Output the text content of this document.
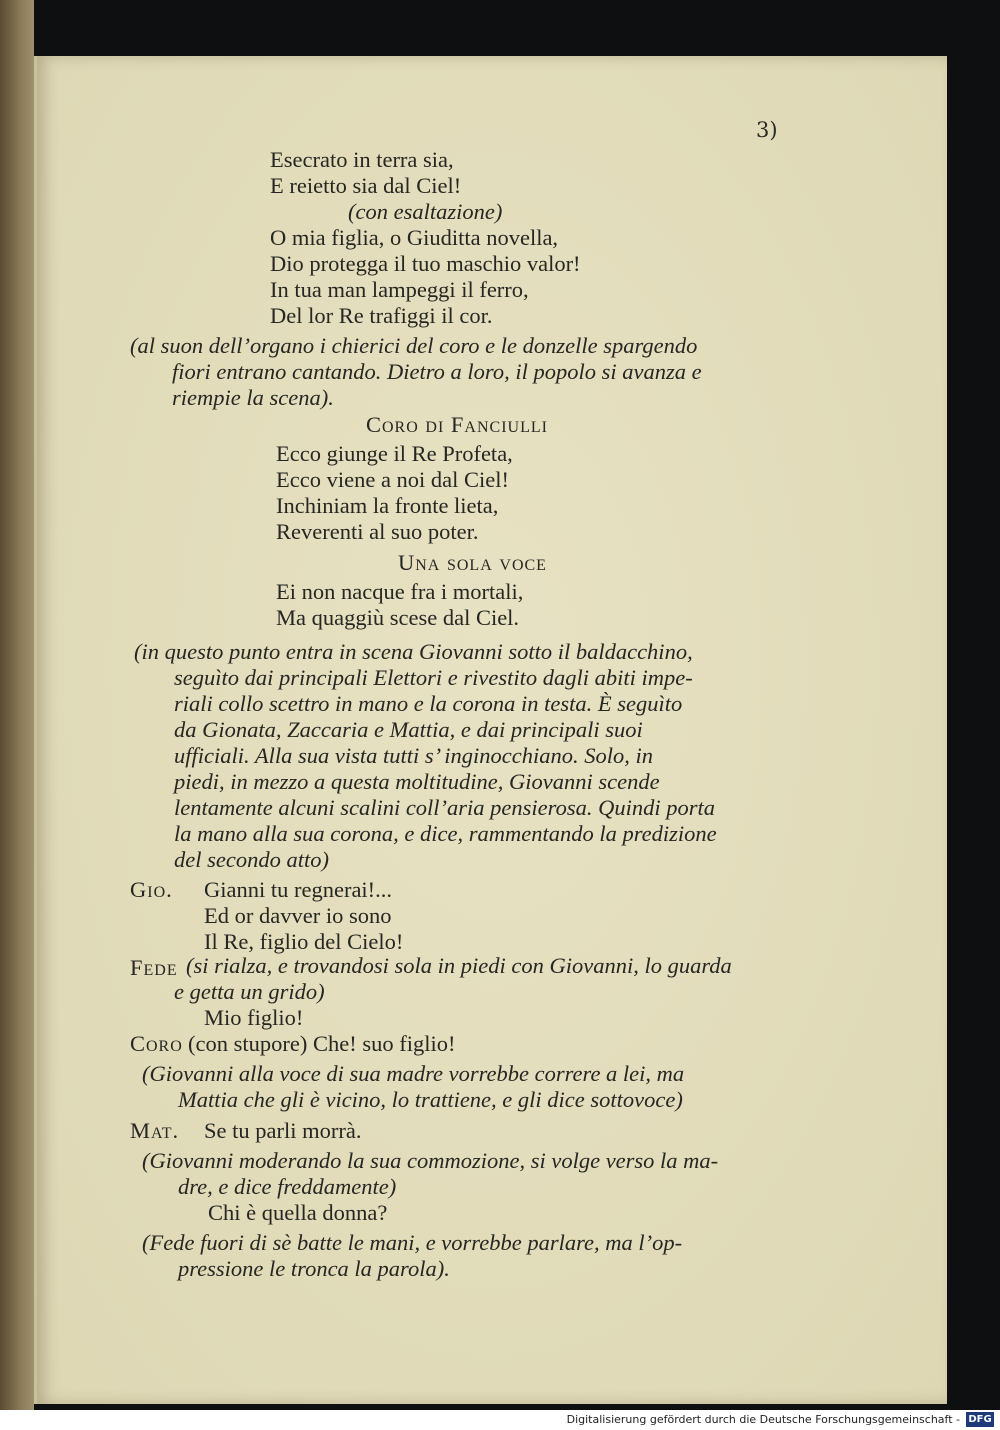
3)
Esecrato in terra sia,
E reietto sia dal Ciel!
(con esaltazione)
O mia figlia, o Giuditta novella,
Dio protegga il tuo maschio valor!
In tua man lampeggi il ferro,
Del lor Re trafiggi il cor.
(al suon dell’organo i chierici del coro e le donzelle spargendo
fiori entrano cantando. Dietro a loro, il popolo si avanza e
riempie la scena).
Coro di Fanciulli
Ecco giunge il Re Profeta,
Ecco viene a noi dal Ciel!
Inchiniam la fronte lieta,
Reverenti al suo poter.
Una sola voce
Ei non nacque fra i mortali,
Ma quaggiù scese dal Ciel.
(in questo punto entra in scena Giovanni sotto il baldacchino,
seguìto dai principali Elettori e rivestito dagli abiti impe-
riali collo scettro in mano e la corona in testa. È seguìto
da Gionata, Zaccaria e Mattia, e dai principali suoi
ufficiali. Alla sua vista tutti s’ inginocchiano. Solo, in
piedi, in mezzo a questa moltitudine, Giovanni scende
lentamente alcuni scalini coll’aria pensierosa. Quindi porta
la mano alla sua corona, e dice, rammentando la predizione
del secondo atto)
Gio. Gianni tu regnerai!...
Ed or davver io sono
Il Re, figlio del Cielo!
Fede (si rialza, e trovandosi sola in piedi con Giovanni, lo guarda
e getta un grido)
Mio figlio!
Coro (con stupore) Che! suo figlio!
(Giovanni alla voce di sua madre vorrebbe correre a lei, ma
Mattia che gli è vicino, lo trattiene, e gli dice sottovoce)
Mat. Se tu parli morrà.
(Giovanni moderando la sua commozione, si volge verso la ma-
dre, e dice freddamente)
Chi è quella donna?
(Fede fuori di sè batte le mani, e vorrebbe parlare, ma l’op-
pressione le tronca la parola).
Digitalisierung gefördert durch die Deutsche Forschungsgemeinschaft - DFG
